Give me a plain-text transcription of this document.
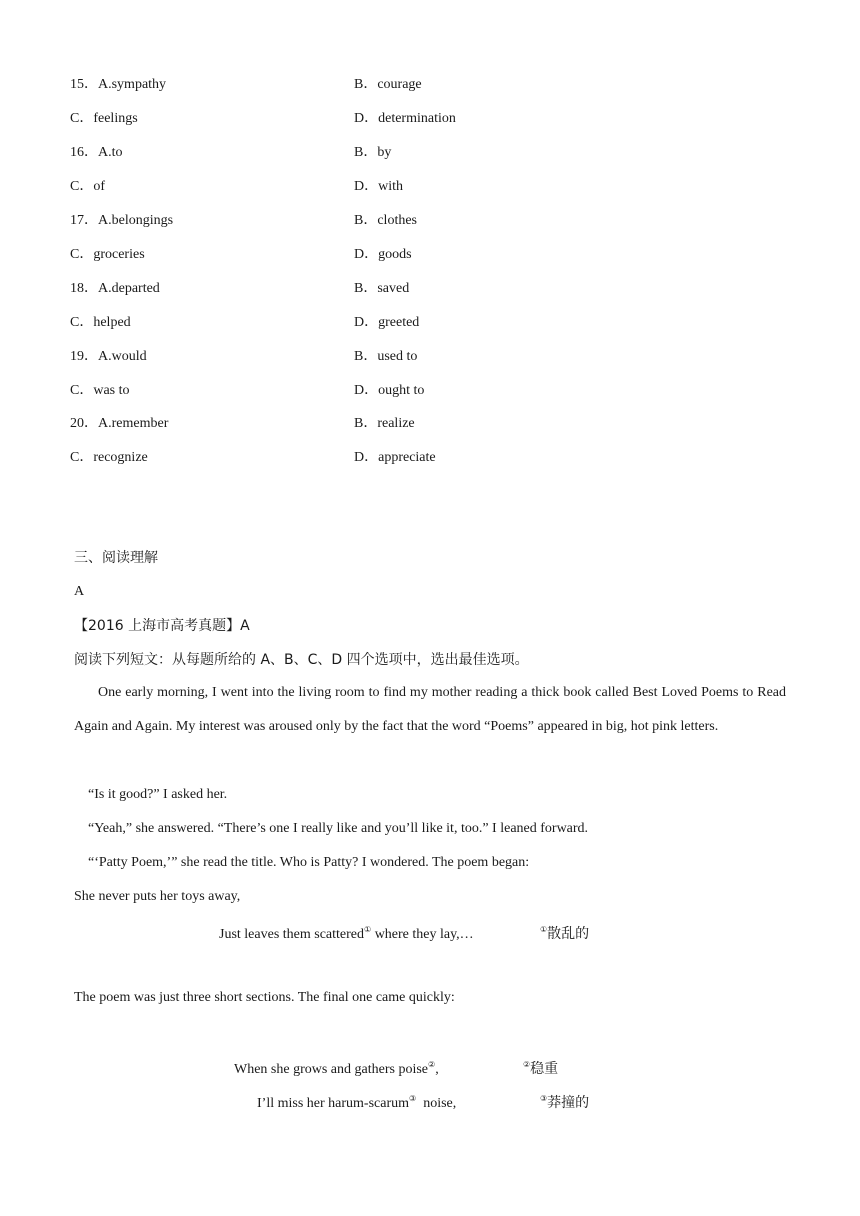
15．A.sympathy	B．courage
C．feelings	D．determination
16．A.to	B．by
C．of	D．with
17．A.belongings	B．clothes
C．groceries	D．goods
18．A.departed	B．saved
C．helped	D．greeted
19．A.would	B．used to
C．was to	D．ought to
20．A.remember	B．realize
C．recognize	D．appreciate
三、阅读理解
A
【2016 上海市高考真题】A
阅读下列短文：从每题所给的 A、B、C、D 四个选项中，选出最佳选项。
One early morning, I went into the living room to find my mother reading a thick book called Best Loved Poems to Read Again and Again. My interest was aroused only by the fact that the word “Poems” appeared in big, hot pink letters.
“Is it good?” I asked her.
“Yeah,” she answered. “There’s one I really like and you’ll like it, too.” I leaned forward.
“‘Patty Poem,’” she read the title. Who is Patty? I wondered. The poem began:
She never puts her toys away,
Just leaves them scattered① where they lay,…	①散乱的
The poem was just three short sections. The final one came quickly:
When she grows and gathers poise②,	②稳重
I’ll miss her harum-scarum③  noise,	③莽撞的
